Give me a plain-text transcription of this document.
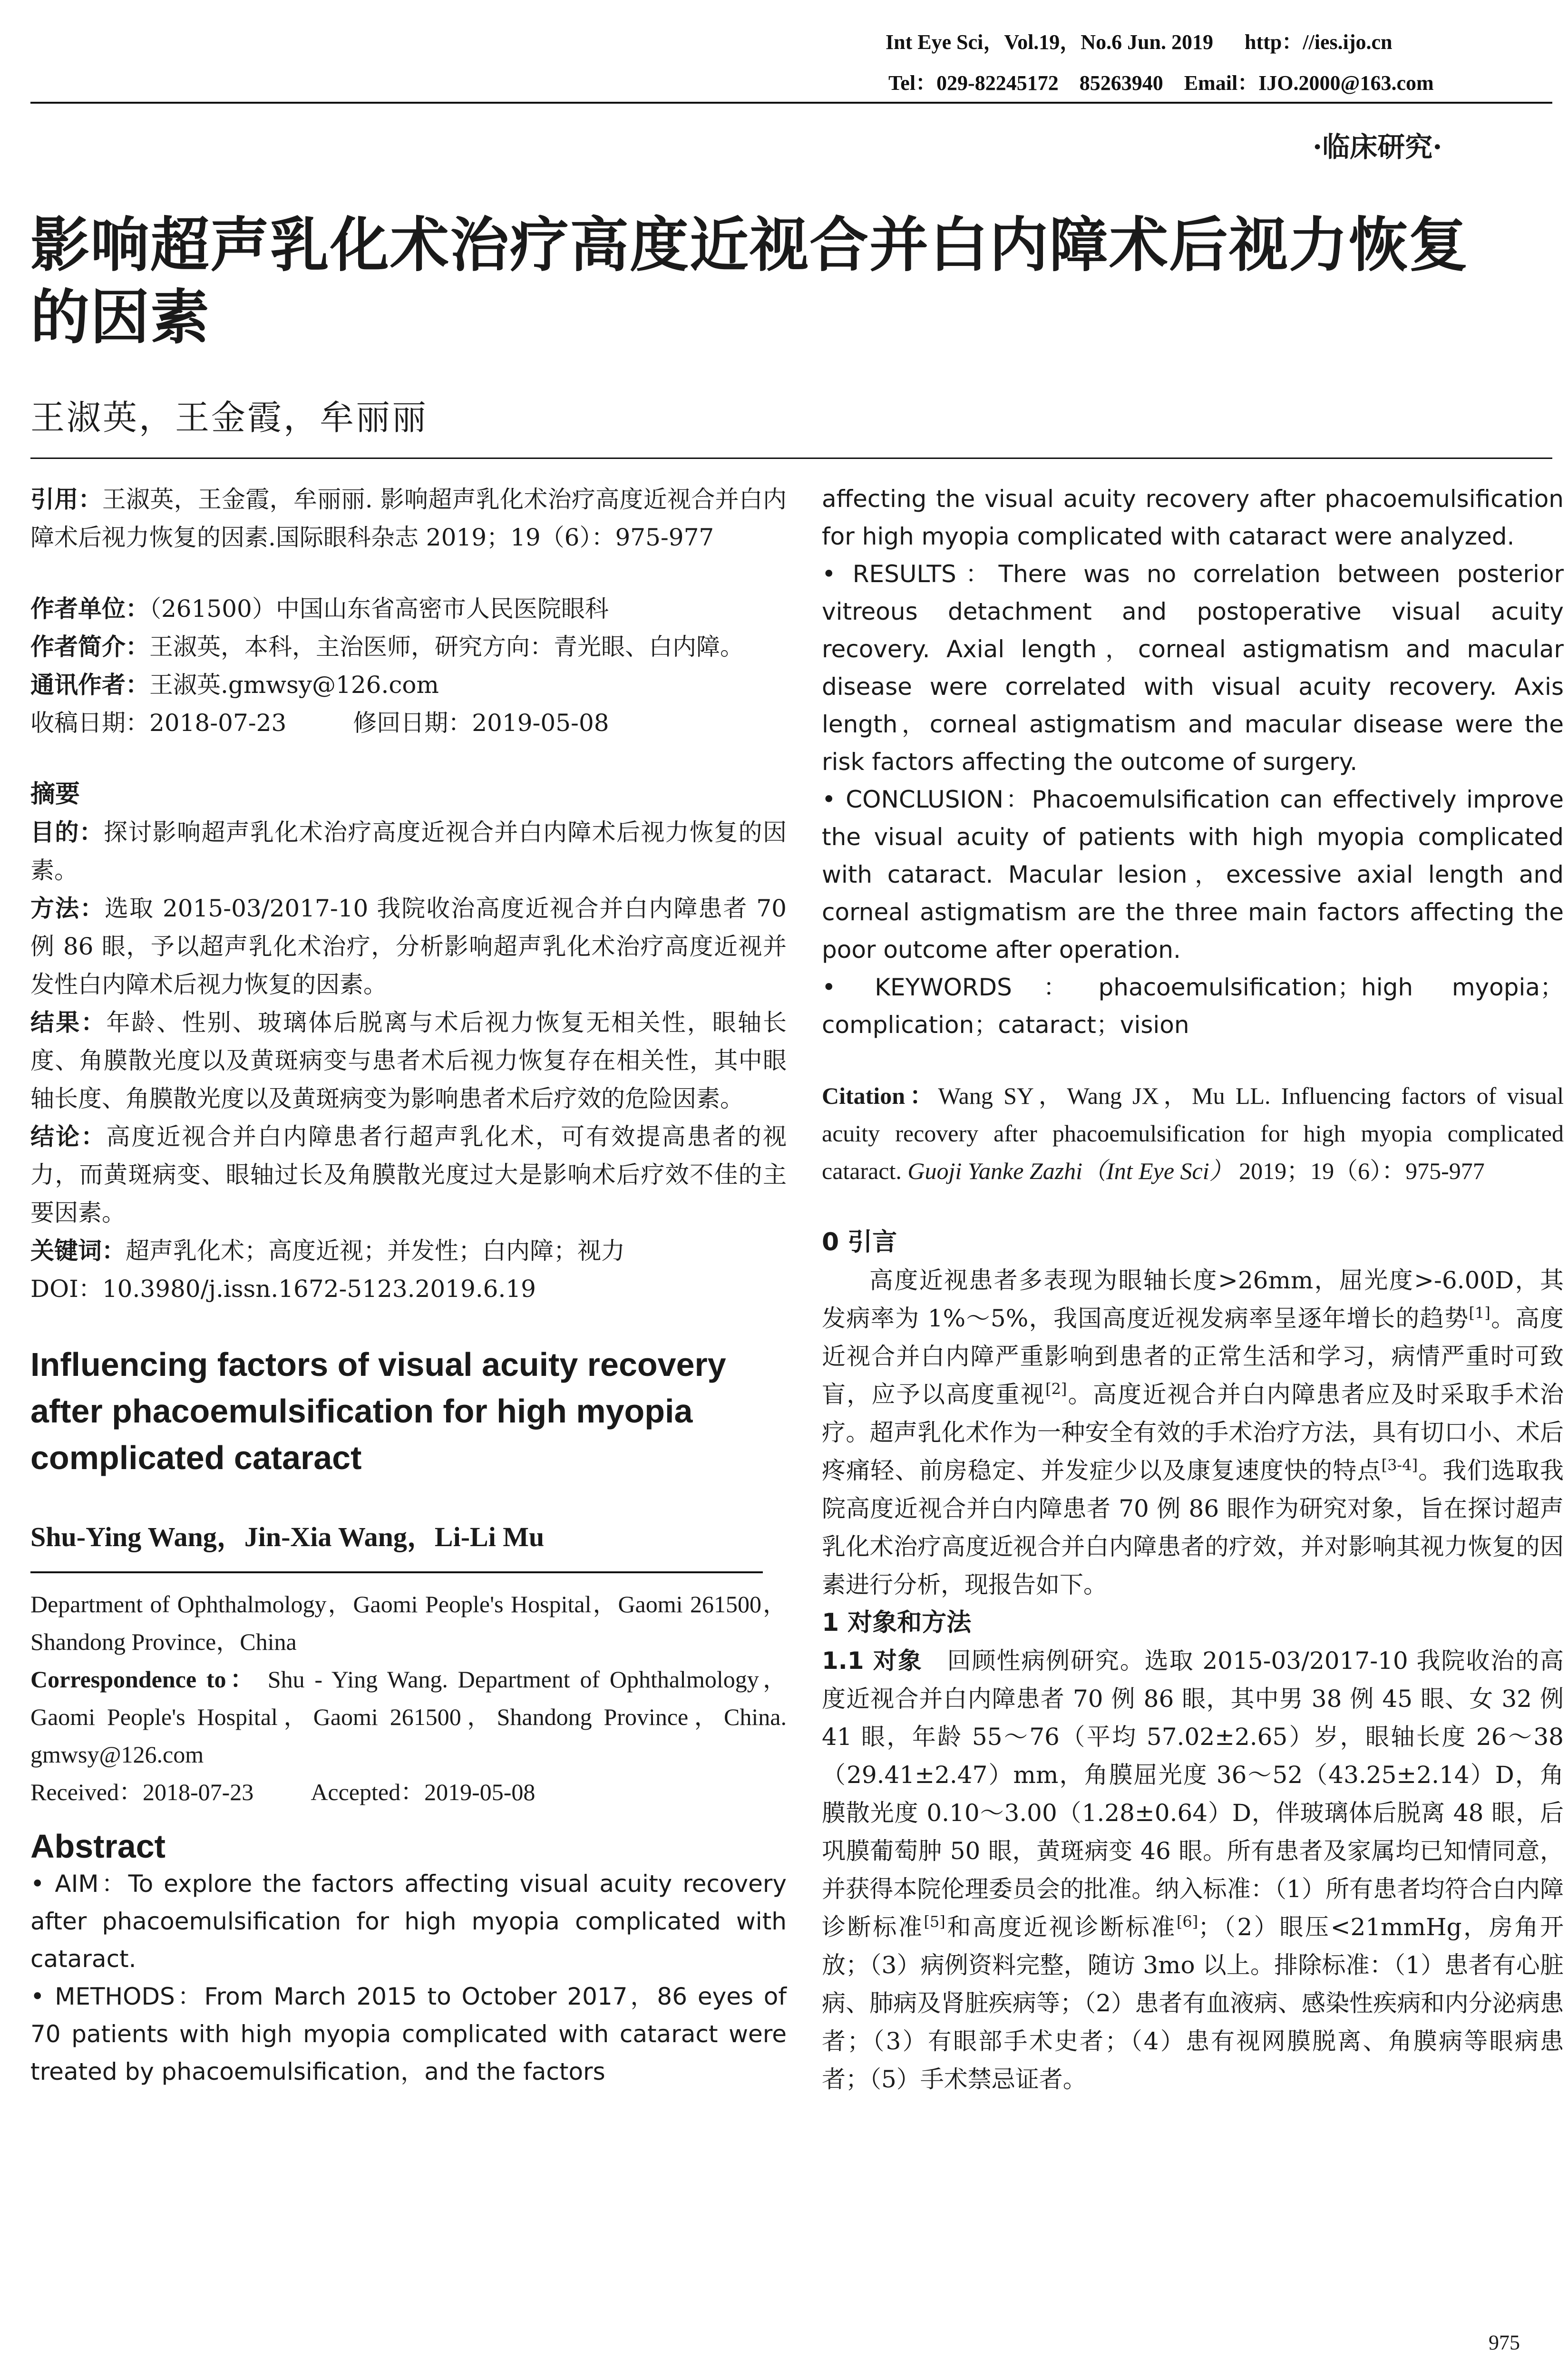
Int Eye Sci，Vol.19，No.6 Jun. 2019      http：//ies.ijo.cn
Tel：029-82245172    85263940    Email：IJO.2000@163.com
·临床研究·
影响超声乳化术治疗高度近视合并白内障术后视力恢复
的因素
王淑英，王金霞，牟丽丽

引用：王淑英，王金霞，牟丽丽. 影响超声乳化术治疗高度近视合并白内障术后视力恢复的因素.国际眼科杂志 2019；19（6）：975-977

作者单位：（261500）中国山东省高密市人民医院眼科

作者简介：王淑英，本科，主治医师，研究方向：青光眼、白内障。

通讯作者：王淑英.gmwsy@126.com

收稿日期：2018-07-23	修回日期：2019-05-08

摘要

目的：探讨影响超声乳化术治疗高度近视合并白内障术后视力恢复的因素。

方法：选取 2015-03/2017-10 我院收治高度近视合并白内障患者 70 例 86 眼，予以超声乳化术治疗，分析影响超声乳化术治疗高度近视并发性白内障术后视力恢复的因素。

结果：年龄、性别、玻璃体后脱离与术后视力恢复无相关性，眼轴长度、角膜散光度以及黄斑病变与患者术后视力恢复存在相关性，其中眼轴长度、角膜散光度以及黄斑病变为影响患者术后疗效的危险因素。

结论：高度近视合并白内障患者行超声乳化术，可有效提高患者的视力，而黄斑病变、眼轴过长及角膜散光度过大是影响术后疗效不佳的主要因素。

关键词：超声乳化术；高度近视；并发性；白内障；视力

DOI：10.3980/j.issn.1672-5123.2019.6.19

Influencing factors of visual acuity recovery after phacoemulsification for high myopia complicated cataract

Shu-Ying Wang，Jin-Xia Wang，Li-Li Mu

Department of Ophthalmology，Gaomi People's Hospital，Gaomi 261500，Shandong Province，China

Correspondence to： Shu - Ying Wang. Department of Ophthalmology，Gaomi People's Hospital，Gaomi 261500，Shandong Province，China. gmwsy@126.com

Received：2018-07-23 Accepted：2019-05-08

Abstract

• AIM：To explore the factors affecting visual acuity recovery after phacoemulsification for high myopia complicated with cataract.

• METHODS：From March 2015 to October 2017，86 eyes of 70 patients with high myopia complicated with cataract were treated by phacoemulsification，and the factors

affecting the visual acuity recovery after phacoemulsification for high myopia complicated with cataract were analyzed.

• RESULTS：There was no correlation between posterior vitreous detachment and postoperative visual acuity recovery. Axial length，corneal astigmatism and macular disease were correlated with visual acuity recovery. Axis length，corneal astigmatism and macular disease were the risk factors affecting the outcome of surgery.

• CONCLUSION：Phacoemulsification can effectively improve the visual acuity of patients with high myopia complicated with cataract. Macular lesion，excessive axial length and corneal astigmatism are the three main factors affecting the poor outcome after operation.

• KEYWORDS：phacoemulsification；high myopia；complication；cataract；vision

Citation：Wang SY，Wang JX，Mu LL. Influencing factors of visual acuity recovery after phacoemulsification for high myopia complicated cataract. Guoji Yanke Zazhi（Int Eye Sci） 2019；19（6）：975-977

0 引言

高度近视患者多表现为眼轴长度>26mm，屈光度>-6.00D，其发病率为 1%～5%，我国高度近视发病率呈逐年增长的趋势[1]。高度近视合并白内障严重影响到患者的正常生活和学习，病情严重时可致盲，应予以高度重视[2]。高度近视合并白内障患者应及时采取手术治疗。超声乳化术作为一种安全有效的手术治疗方法，具有切口小、术后疼痛轻、前房稳定、并发症少以及康复速度快的特点[3-4]。我们选取我院高度近视合并白内障患者 70 例 86 眼作为研究对象，旨在探讨超声乳化术治疗高度近视合并白内障患者的疗效，并对影响其视力恢复的因素进行分析，现报告如下。

1 对象和方法

1.1 对象　回顾性病例研究。选取 2015-03/2017-10 我院收治的高度近视合并白内障患者 70 例 86 眼，其中男 38 例 45 眼、女 32 例 41 眼，年龄 55～76（平均 57.02±2.65）岁，眼轴长度 26～38（29.41±2.47）mm，角膜屈光度 36～52（43.25±2.14）D，角膜散光度 0.10～3.00（1.28±0.64）D，伴玻璃体后脱离 48 眼，后巩膜葡萄肿 50 眼，黄斑病变 46 眼。所有患者及家属均已知情同意，并获得本院伦理委员会的批准。纳入标准：（1）所有患者均符合白内障诊断标准[5]和高度近视诊断标准[6]；（2）眼压<21mmHg，房角开放；（3）病例资料完整，随访 3mo 以上。排除标准：（1）患者有心脏病、肺病及肾脏疾病等；（2）患者有血液病、感染性疾病和内分泌病患者；（3）有眼部手术史者；（4）患有视网膜脱离、角膜病等眼病患者；（5）手术禁忌证者。

975
